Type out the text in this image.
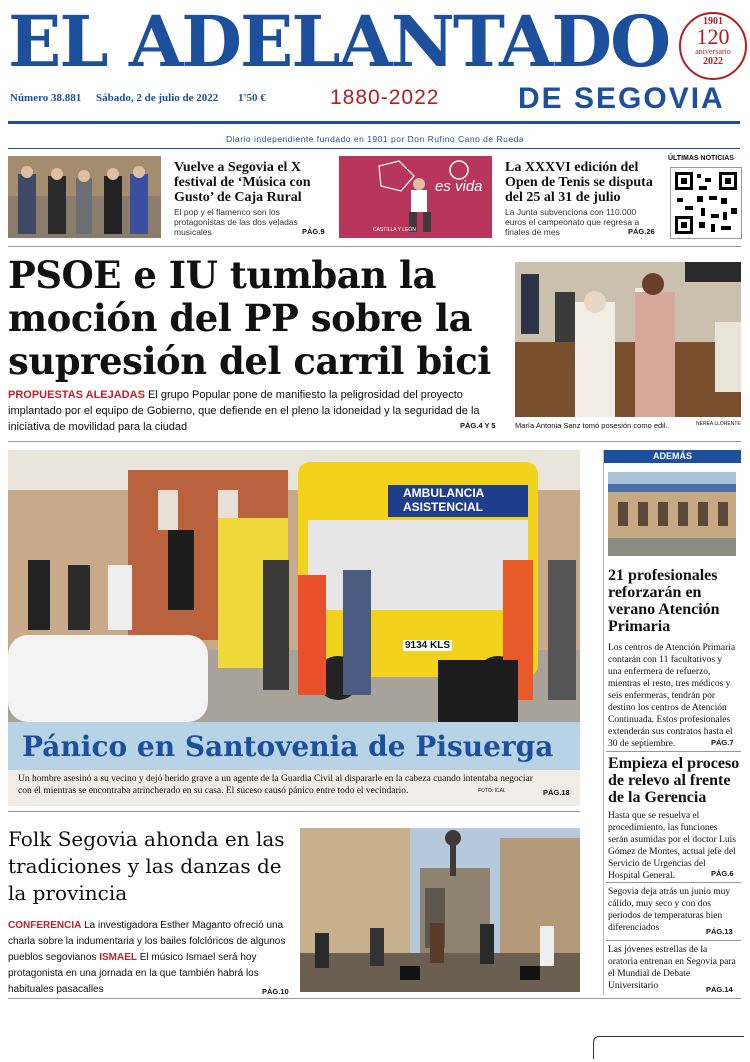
EL ADELANTADO	1901
120
aniversario
2022
Número 38.881 Sábado, 2 de julio de 2022 1'50 €	1880-2022	DE SEGOVIA
Diario independiente fundado en 1901 por Don Rufino Cano de Rueda
Vuelve a Segovia el X festival de ‘Música con Gusto’ de Caja Rural
El pop y el flamenco son los protagonistas de las dos veladas musicales	PÁG.9
es vida
CASTILLA Y LEÓN
La XXXVI edición del Open de Tenis se disputa del 25 al 31 de julio
La Junta subvenciona con 110.000 euros el campeonato que regresa a finales de mes	PÁG.26
ÚLTIMAS NOTICIAS
PSOE e IU tumban la moción del PP sobre la supresión del carril bici
PROPUESTAS ALEJADAS El grupo Popular pone de manifiesto la peligrosidad del proyecto implantado por el equipo de Gobierno, que defiende en el pleno la idoneidad y la seguridad de la iniciativa de movilidad para la ciudad	PÁG.4 Y 5	María Antonia Sanz tomó posesión como edil.	NEREA LLORENTE
AMBULANCIA
ASISTENCIAL
9134 KLS
Pánico en Santovenia de Pisuerga
Un hombre asesinó a su vecino y dejó herido grave a un agente de la Guardia Civil al dispararle en la cabeza cuando intentaba negociar con él mientras se encontraba atrincherado en su casa. El suceso causó pánico entre todo el vecindario.	FOTO: ICAL	PÁG.18
Folk Segovia ahonda en las tradiciones y las danzas de la provincia
CONFERENCIA La investigadora Esther Maganto ofreció una charla sobre la indumentaria y los bailes folclóricos de algunos pueblos segovianos ISMAEL El músico Ismael será hoy protagonista en una jornada en la que también habrá los habituales pasacalles	PÁG.10
ADEMÁS
21 profesionales reforzarán en verano Atención Primaria
Los centros de Atención Primaria contarán con 11 facultativos y una enfermera de refuerzo, mientras el resto, tres médicos y seis enfermeras, tendrán por destino los centros de Atención Continuada. Estos profesionales extenderán sus contratos hasta el 30 de septiembre.	PÁG.7
Empieza el proceso de relevo al frente de la Gerencia
Hasta que se resuelva el procedimiento, las funciones serán asumidas por el doctor Luis Gómez de Montes, actual jefe del Servicio de Urgencias del Hospital General.	PÁG.6
Segovia deja atrás un junio muy cálido, muy seco y con dos periodos de temperaturas bien diferenciados	PÁG.13
Las jóvenes estrellas de la oratoria entrenan en Segovia para el Mundial de Debate Universitario	PÁG.14
